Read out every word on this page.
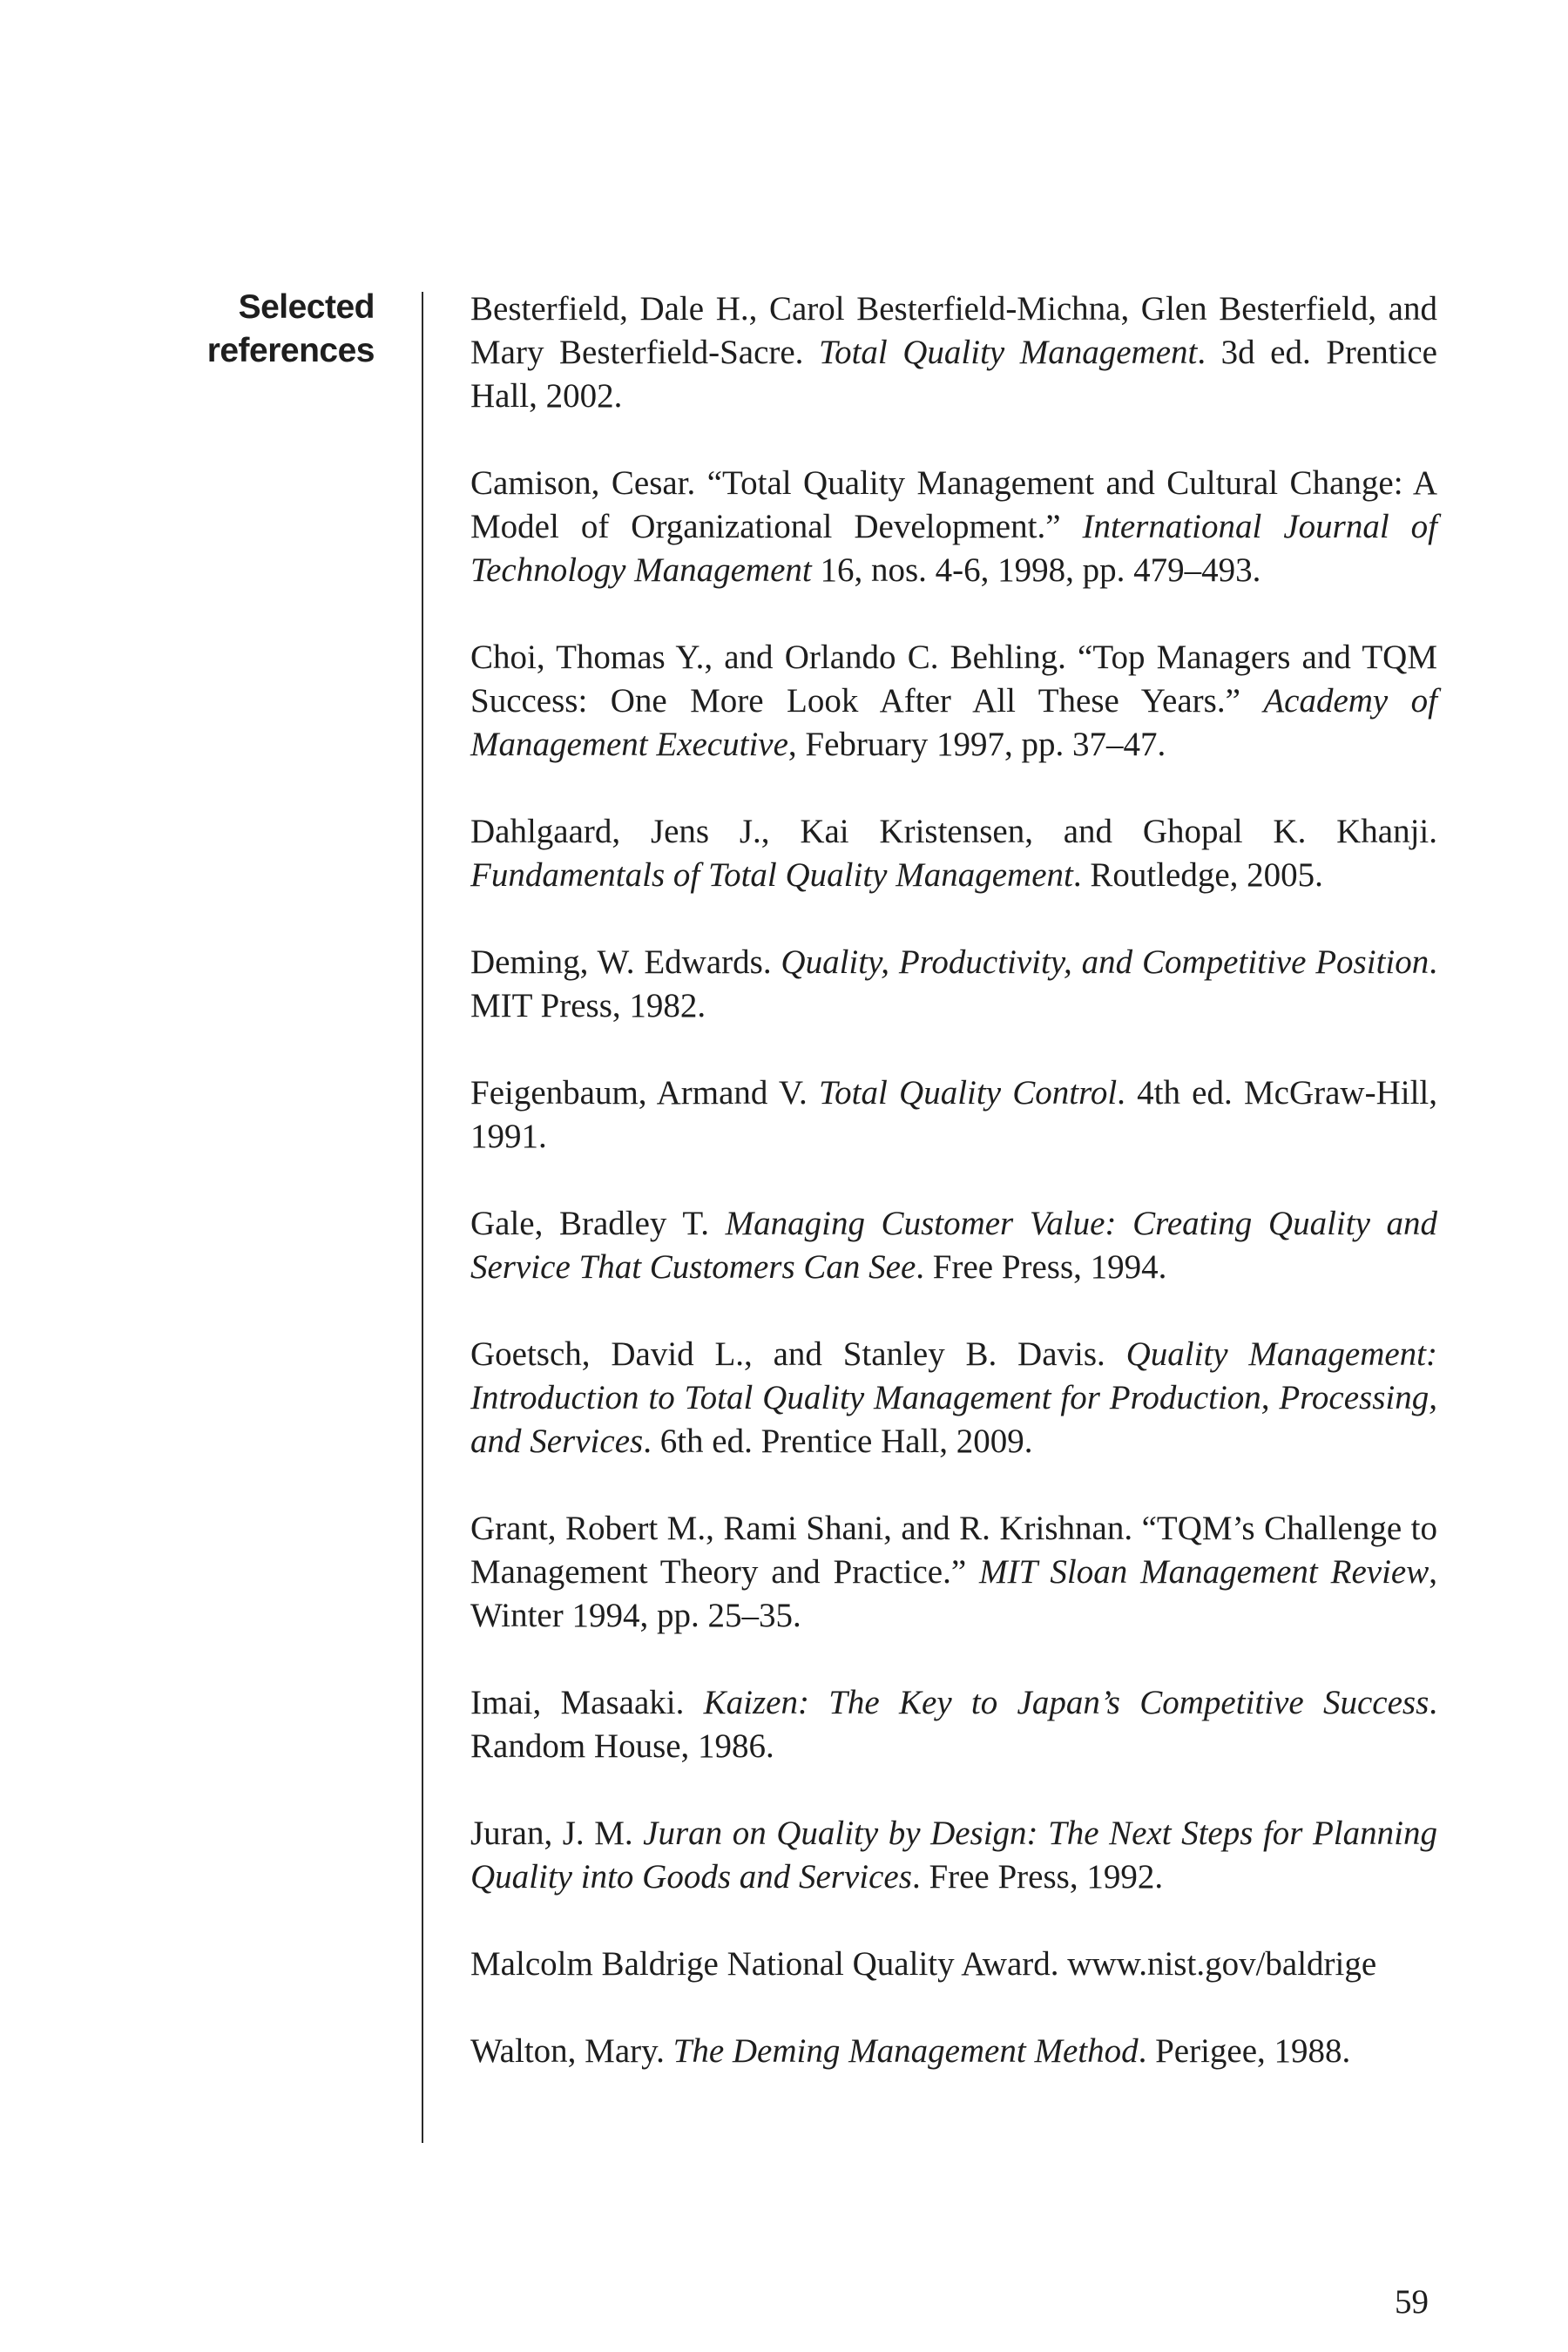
Selected
references
Besterfield, Dale H., Carol Besterfield-Michna, Glen Besterfield, and Mary Besterfield-Sacre. Total Quality Management. 3d ed. Prentice Hall, 2002.
Camison, Cesar. “Total Quality Management and Cultural Change: A Model of Organizational Development.” International Journal of Technology Management 16, nos. 4-6, 1998, pp. 479–493.
Choi, Thomas Y., and Orlando C. Behling. “Top Managers and TQM Success: One More Look After All These Years.” Academy of Management Executive, February 1997, pp. 37–47.
Dahlgaard, Jens J., Kai Kristensen, and Ghopal K. Khanji. Fundamentals of Total Quality Management. Routledge, 2005.
Deming, W. Edwards. Quality, Productivity, and Competitive Position. MIT Press, 1982.
Feigenbaum, Armand V. Total Quality Control. 4th ed. McGraw-Hill, 1991.
Gale, Bradley T. Managing Customer Value: Creating Quality and Service That Customers Can See. Free Press, 1994.
Goetsch, David L., and Stanley B. Davis. Quality Management: Introduction to Total Quality Management for Production, Processing, and Services. 6th ed. Prentice Hall, 2009.
Grant, Robert M., Rami Shani, and R. Krishnan. “TQM’s Challenge to Management Theory and Practice.” MIT Sloan Management Review, Winter 1994, pp. 25–35.
Imai, Masaaki. Kaizen: The Key to Japan’s Competitive Success. Random House, 1986.
Juran, J. M. Juran on Quality by Design: The Next Steps for Planning Quality into Goods and Services. Free Press, 1992.
Malcolm Baldrige National Quality Award. www.nist.gov/baldrige
Walton, Mary. The Deming Management Method. Perigee, 1988.
59
